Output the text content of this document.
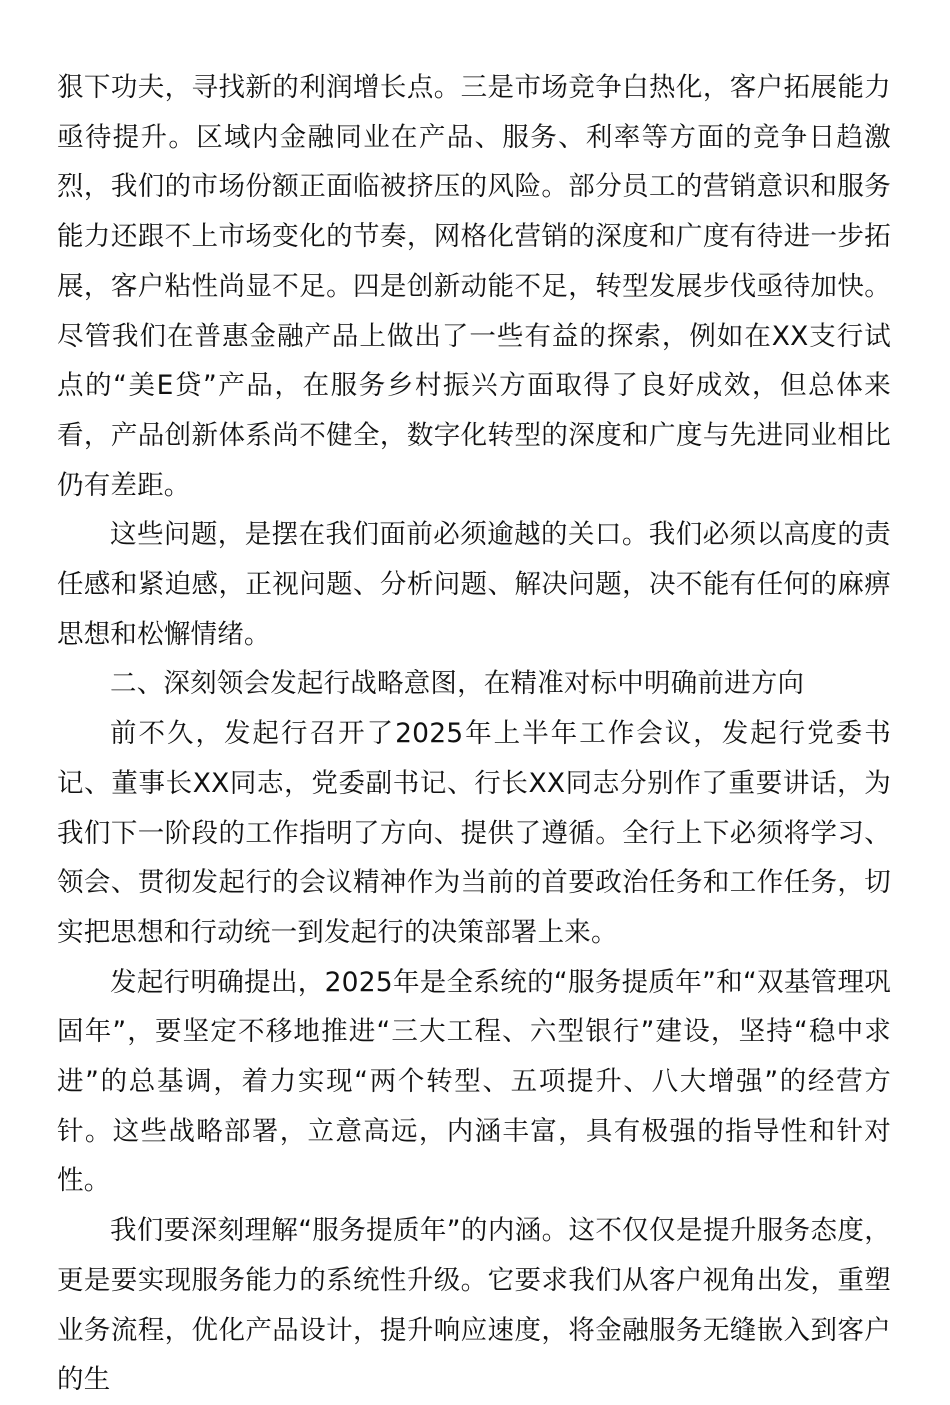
狠下功夫，寻找新的利润增长点。三是市场竞争白热化，客户拓展能力亟待提升。区域内金融同业在产品、服务、利率等方面的竞争日趋激烈，我们的市场份额正面临被挤压的风险。部分员工的营销意识和服务能力还跟不上市场变化的节奏，网格化营销的深度和广度有待进一步拓展，客户粘性尚显不足。四是创新动能不足，转型发展步伐亟待加快。尽管我们在普惠金融产品上做出了一些有益的探索，例如在XX支行试点的“美E贷”产品，在服务乡村振兴方面取得了良好成效，但总体来看，产品创新体系尚不健全，数字化转型的深度和广度与先进同业相比仍有差距。

这些问题，是摆在我们面前必须逾越的关口。我们必须以高度的责任感和紧迫感，正视问题、分析问题、解决问题，决不能有任何的麻痹思想和松懈情绪。

二、深刻领会发起行战略意图，在精准对标中明确前进方向

前不久，发起行召开了2025年上半年工作会议，发起行党委书记、董事长XX同志，党委副书记、行长XX同志分别作了重要讲话，为我们下一阶段的工作指明了方向、提供了遵循。全行上下必须将学习、领会、贯彻发起行的会议精神作为当前的首要政治任务和工作任务，切实把思想和行动统一到发起行的决策部署上来。

发起行明确提出，2025年是全系统的“服务提质年”和“双基管理巩固年”，要坚定不移地推进“三大工程、六型银行”建设，坚持“稳中求进”的总基调，着力实现“两个转型、五项提升、八大增强”的经营方针。这些战略部署，立意高远，内涵丰富，具有极强的指导性和针对性。

我们要深刻理解“服务提质年”的内涵。这不仅仅是提升服务态度，更是要实现服务能力的系统性升级。它要求我们从客户视角出发，重塑业务流程，优化产品设计，提升响应速度，将金融服务无缝嵌入到客户的生
